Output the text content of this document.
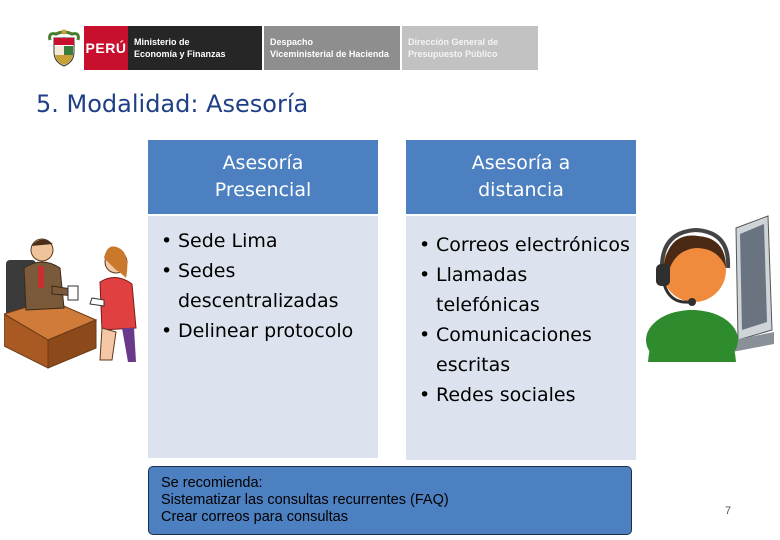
PERÚ Ministerio de
Economía y Finanzas
Despacho
Viceministerial de Hacienda
Dirección General de
Presupuesto Público
5. Modalidad: Asesoría
Asesoría
Presencial
• Sede Lima
• Sedes descentralizadas
• Delinear protocolo
Asesoría a
distancia
• Correos electrónicos
• Llamadas telefónicas
• Comunicaciones escritas
• Redes sociales
Se recomienda:
Sistematizar las consultas recurrentes (FAQ)
Crear correos para consultas	7
